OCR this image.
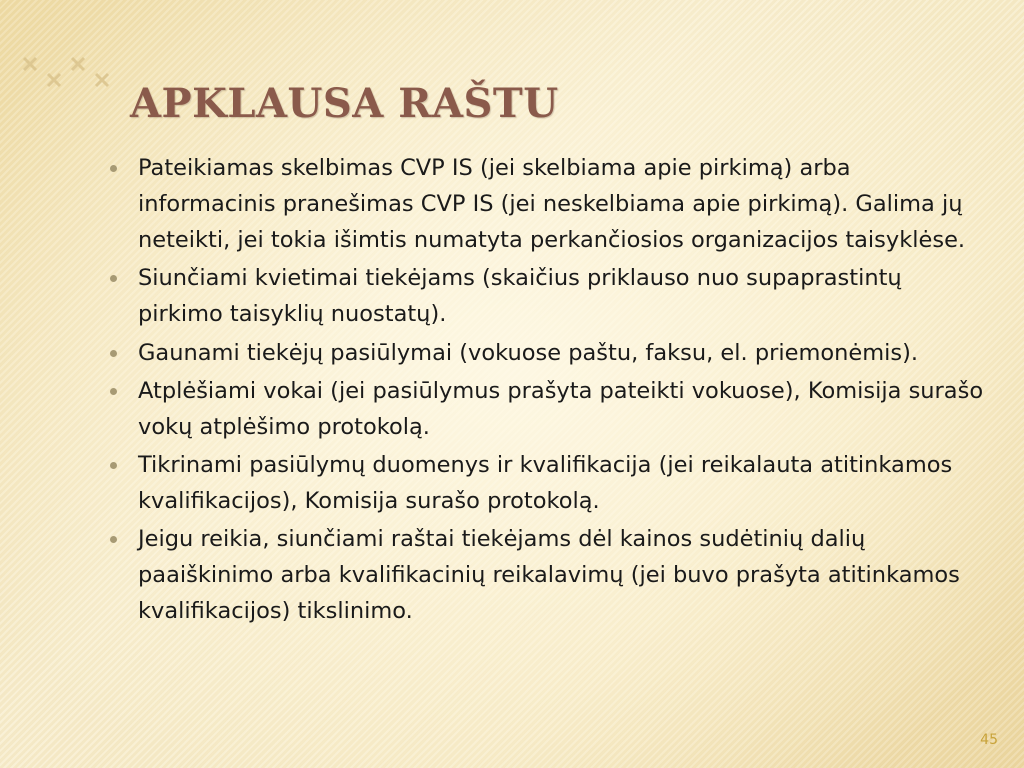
APKLAUSA RAŠTU
Pateikiamas skelbimas CVP IS (jei skelbiama apie pirkimą) arba informacinis pranešimas CVP IS (jei neskelbiama apie pirkimą). Galima jų neteikti, jei tokia išimtis numatyta perkančiosios organizacijos taisyklėse.
Siunčiami kvietimai tiekėjams (skaičius priklauso nuo supaprastintų pirkimo taisyklių nuostatų).
Gaunami tiekėjų pasiūlymai (vokuose paštu, faksu, el. priemonėmis).
Atplėšiami vokai (jei pasiūlymus prašyta pateikti vokuose), Komisija surašo vokų atplėšimo protokolą.
Tikrinami pasiūlymų duomenys ir kvalifikacija (jei reikalauta atitinkamos kvalifikacijos), Komisija surašo protokolą.
Jeigu reikia, siunčiami raštai tiekėjams dėl kainos sudėtinių dalių paaiškinimo arba kvalifikacinių reikalavimų (jei buvo prašyta atitinkamos kvalifikacijos) tikslinimo.
45
